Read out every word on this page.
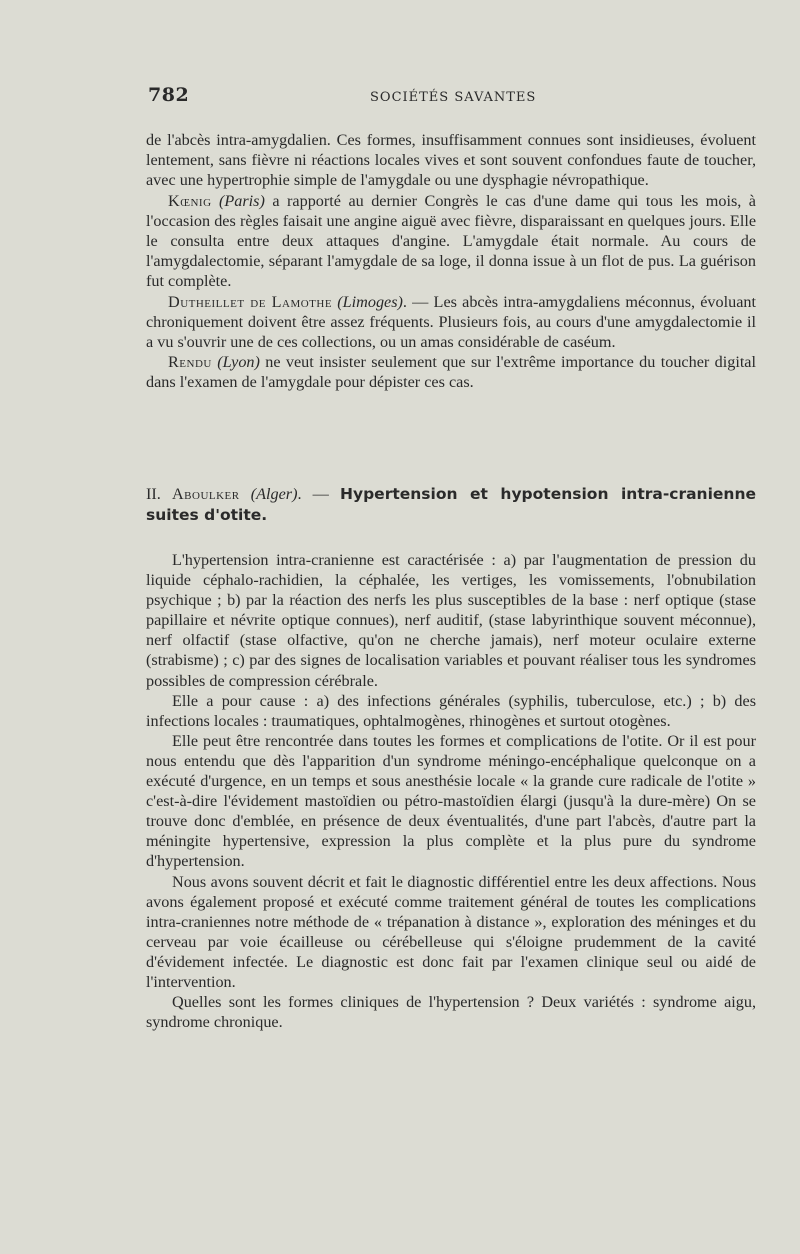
782	SOCIÉTÉS SAVANTES

de l'abcès intra-amygdalien. Ces formes, insuffisamment connues sont insidieuses, évoluent lentement, sans fièvre ni réactions locales vives et sont souvent confondues faute de toucher, avec une hypertrophie simple de l'amygdale ou une dysphagie névropathique.

Kœnig (Paris) a rapporté au dernier Congrès le cas d'une dame qui tous les mois, à l'occasion des règles faisait une angine aiguë avec fièvre, disparaissant en quelques jours. Elle le consulta entre deux attaques d'angine. L'amygdale était normale. Au cours de l'amygdalectomie, séparant l'amygdale de sa loge, il donna issue à un flot de pus. La guérison fut complète.

Dutheillet de Lamothe (Limoges). — Les abcès intra-amygdaliens méconnus, évoluant chroniquement doivent être assez fréquents. Plusieurs fois, au cours d'une amygdalectomie il a vu s'ouvrir une de ces collections, ou un amas considérable de caséum.

Rendu (Lyon) ne veut insister seulement que sur l'extrême importance du toucher digital dans l'examen de l'amygdale pour dépister ces cas.

II. Aboulker (Alger). — Hypertension et hypotension intra-cranienne suites d'otite.

L'hypertension intra-cranienne est caractérisée : a) par l'augmentation de pression du liquide céphalo-rachidien, la céphalée, les vertiges, les vomissements, l'obnubilation psychique ; b) par la réaction des nerfs les plus susceptibles de la base : nerf optique (stase papillaire et névrite optique connues), nerf auditif, (stase labyrinthique souvent méconnue), nerf olfactif (stase olfactive, qu'on ne cherche jamais), nerf moteur oculaire externe (strabisme) ; c) par des signes de localisation variables et pouvant réaliser tous les syndromes possibles de compression cérébrale.

Elle a pour cause : a) des infections générales (syphilis, tuberculose, etc.) ; b) des infections locales : traumatiques, ophtalmogènes, rhinogènes et surtout otogènes.

Elle peut être rencontrée dans toutes les formes et complications de l'otite. Or il est pour nous entendu que dès l'apparition d'un syndrome méningo-encéphalique quelconque on a exécuté d'urgence, en un temps et sous anesthésie locale « la grande cure radicale de l'otite » c'est-à-dire l'évidement mastoïdien ou pétro-mastoïdien élargi (jusqu'à la dure-mère) On se trouve donc d'emblée, en présence de deux éventualités, d'une part l'abcès, d'autre part la méningite hypertensive, expression la plus complète et la plus pure du syndrome d'hypertension.

Nous avons souvent décrit et fait le diagnostic différentiel entre les deux affections. Nous avons également proposé et exécuté comme traitement général de toutes les complications intra-craniennes notre méthode de « trépanation à distance », exploration des méninges et du cerveau par voie écailleuse ou cérébelleuse qui s'éloigne prudemment de la cavité d'évidement infectée. Le diagnostic est donc fait par l'examen clinique seul ou aidé de l'intervention.

Quelles sont les formes cliniques de l'hypertension ? Deux variétés : syndrome aigu, syndrome chronique.
